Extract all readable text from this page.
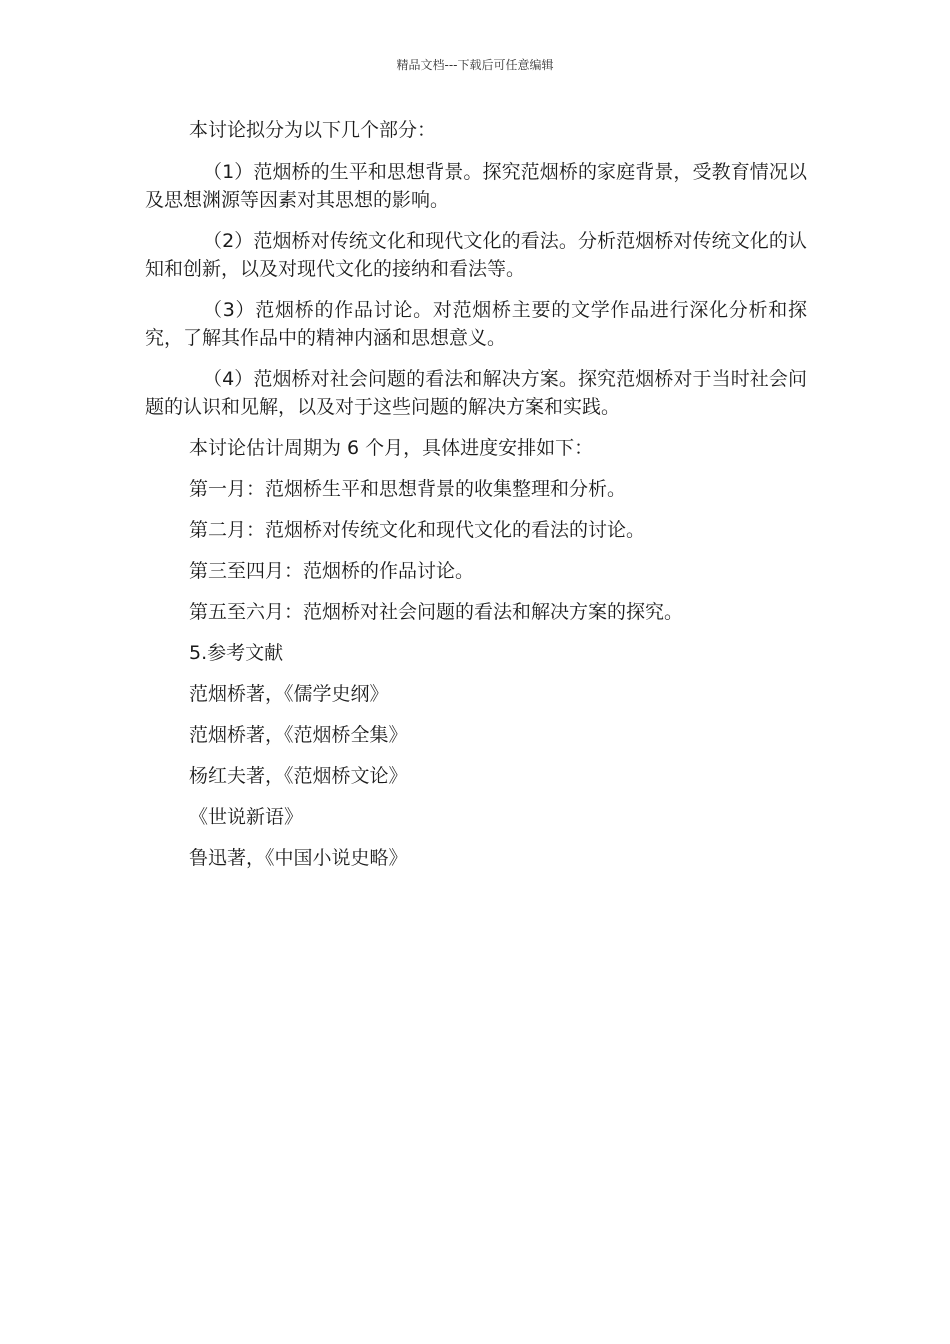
精品文档---下载后可任意编辑

本讨论拟分为以下几个部分：

（1）范烟桥的生平和思想背景。探究范烟桥的家庭背景，受教育情况以及思想渊源等因素对其思想的影响。

（2）范烟桥对传统文化和现代文化的看法。分析范烟桥对传统文化的认知和创新，以及对现代文化的接纳和看法等。

（3）范烟桥的作品讨论。对范烟桥主要的文学作品进行深化分析和探究，了解其作品中的精神内涵和思想意义。

（4）范烟桥对社会问题的看法和解决方案。探究范烟桥对于当时社会问题的认识和见解，以及对于这些问题的解决方案和实践。

本讨论估计周期为 6 个月，具体进度安排如下：

第一月：范烟桥生平和思想背景的收集整理和分析。

第二月：范烟桥对传统文化和现代文化的看法的讨论。

第三至四月：范烟桥的作品讨论。

第五至六月：范烟桥对社会问题的看法和解决方案的探究。

5.参考文献

范烟桥著，《儒学史纲》

范烟桥著，《范烟桥全集》

杨红夫著，《范烟桥文论》

《世说新语》

鲁迅著，《中国小说史略》
